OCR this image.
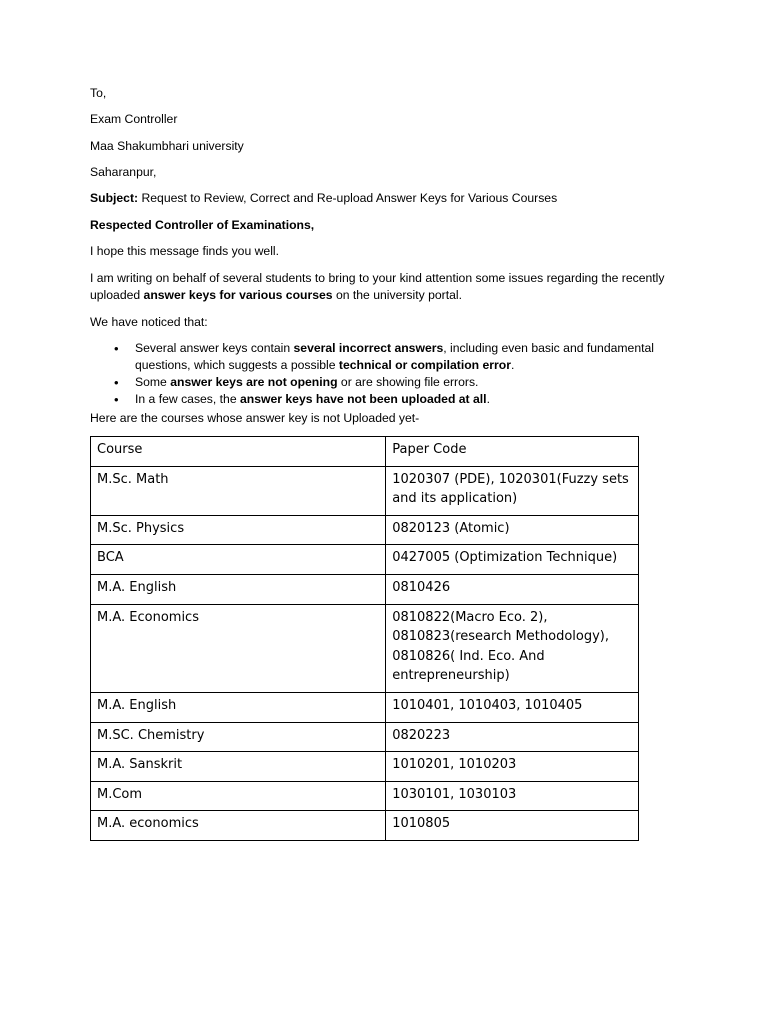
To,
Exam Controller
Maa Shakumbhari university
Saharanpur,
Subject: Request to Review, Correct and Re-upload Answer Keys for Various Courses
Respected Controller of Examinations,
I hope this message finds you well.
I am writing on behalf of several students to bring to your kind attention some issues regarding the recently uploaded answer keys for various courses on the university portal.
We have noticed that:
• Several answer keys contain several incorrect answers, including even basic and fundamental questions, which suggests a possible technical or compilation error.
• Some answer keys are not opening or are showing file errors.
• In a few cases, the answer keys have not been uploaded at all.
Here are the courses whose answer key is not Uploaded yet-
Course	Paper Code
M.Sc. Math	1020307 (PDE), 1020301(Fuzzy sets and its application)
M.Sc. Physics	0820123 (Atomic)
BCA	0427005 (Optimization Technique)
M.A. English	0810426
M.A. Economics	0810822(Macro Eco. 2), 0810823(research Methodology), 0810826( Ind. Eco. And entrepreneurship)
M.A. English	1010401, 1010403, 1010405
M.SC. Chemistry	0820223
M.A. Sanskrit	1010201, 1010203
M.Com	1030101, 1030103
M.A. economics	1010805
